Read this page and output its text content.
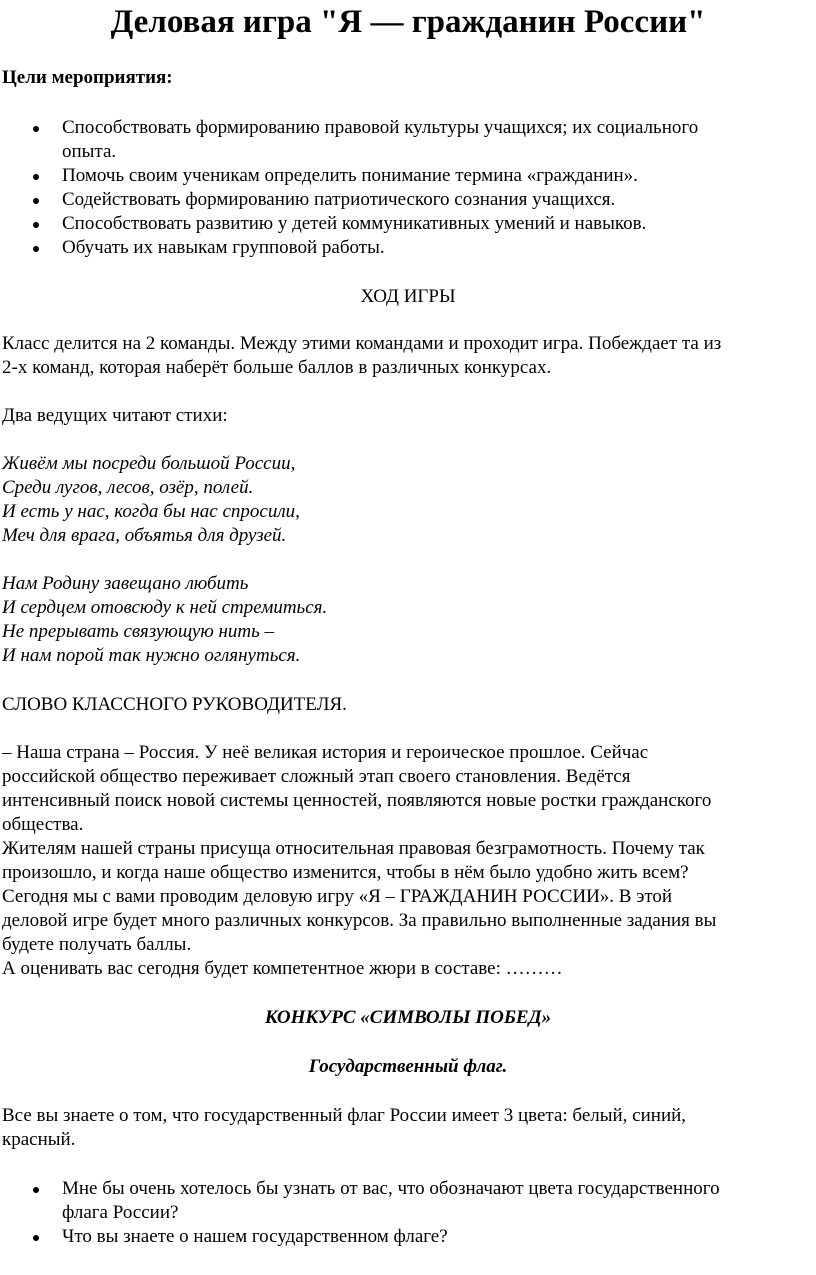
Деловая игра "Я — гражданин России"
Цели мероприятия:
Способствовать формированию правовой культуры учащихся; их социального
опыта.
Помочь своим ученикам определить понимание термина «гражданин».
Содействовать формированию патриотического сознания учащихся.
Способствовать развитию у детей коммуникативных умений и навыков.
Обучать их навыкам групповой работы.
ХОД ИГРЫ
Класс делится на 2 команды. Между этими командами и проходит игра. Побеждает та из
2-х команд, которая наберёт больше баллов в различных конкурсах.
Два ведущих читают стихи:
Живём мы посреди большой России,
Среди лугов, лесов, озёр, полей.
И есть у нас, когда бы нас спросили,
Меч для врага, объятья для друзей.
Нам Родину завещано любить
И сердцем отовсюду к ней стремиться.
Не прерывать связующую нить –
И нам порой так нужно оглянуться.
СЛОВО КЛАССНОГО РУКОВОДИТЕЛЯ.
– Наша страна – Россия. У неё великая история и героическое прошлое. Сейчас
российской общество переживает сложный этап своего становления. Ведётся
интенсивный поиск новой системы ценностей, появляются новые ростки гражданского
общества.
Жителям нашей страны присуща относительная правовая безграмотность. Почему так
произошло, и когда наше общество изменится, чтобы в нём было удобно жить всем?
Сегодня мы с вами проводим деловую игру «Я – ГРАЖДАНИН РОССИИ». В этой
деловой игре будет много различных конкурсов. За правильно выполненные задания вы
будете получать баллы.
А оценивать вас сегодня будет компетентное жюри в составе: ………
КОНКУРС «СИМВОЛЫ ПОБЕД»
Государственный флаг.
Все вы знаете о том, что государственный флаг России имеет 3 цвета: белый, синий,
красный.
Мне бы очень хотелось бы узнать от вас, что обозначают цвета государственного
флага России?
Что вы знаете о нашем государственном флаге?
